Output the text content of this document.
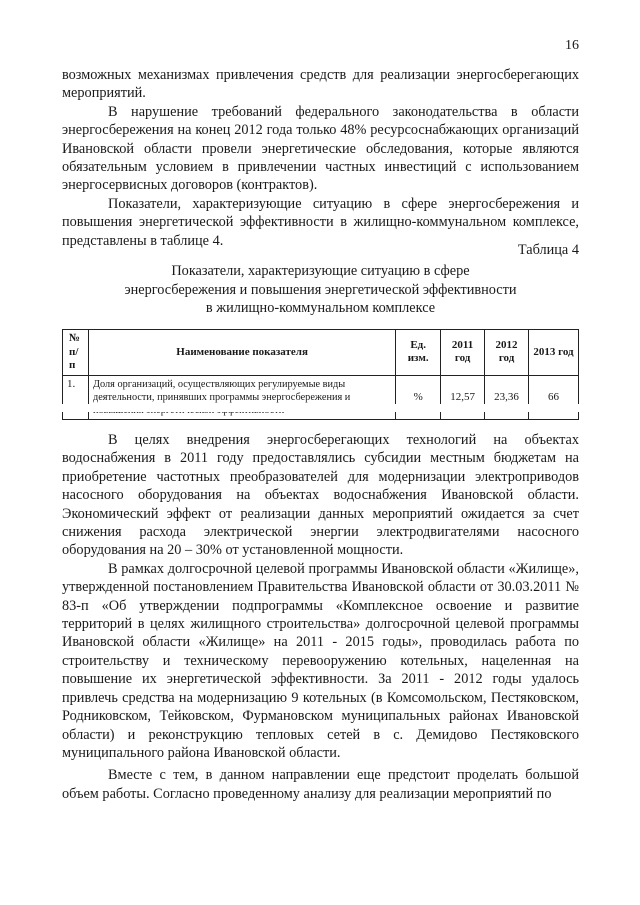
16

возможных механизмах привлечения средств для реализации энергосберегающих мероприятий.

В нарушение требований федерального законодательства в области энергосбережения на конец 2012 года только 48% ресурсоснабжающих организаций Ивановской области провели энергетические обследования, которые являются обязательным условием в привлечении частных инвестиций с использованием энергосервисных договоров (контрактов).

Показатели, характеризующие ситуацию в сфере энергосбережения и повышения энергетической эффективности в жилищно-коммунальном комплексе, представлены в таблице 4.

Таблица 4
Показатели, характеризующие ситуацию в сфере
энергосбережения и повышения энергетической эффективности
в жилищно-коммунальном комплексе
№ п/п	Наименование показателя	Ед. изм.	2011 год	2012 год	2013 год
1.	Доля организаций, осуществляющих регулируемые виды деятельности, принявших программы энергосбережения и	%	12,57	23,36	66

В целях внедрения энергосберегающих технологий на объектах водоснабжения в 2011 году предоставлялись субсидии местным бюджетам на приобретение частотных преобразователей для модернизации электроприводов насосного оборудования на объектах водоснабжения Ивановской области. Экономический эффект от реализации данных мероприятий ожидается за счет снижения расхода электрической энергии электродвигателями насосного оборудования на 20 – 30% от установленной мощности.

В рамках долгосрочной целевой программы Ивановской области «Жилище», утвержденной постановлением Правительства Ивановской области от 30.03.2011 № 83-п «Об утверждении подпрограммы «Комплексное освоение и развитие территорий в целях жилищного строительства» долгосрочной целевой программы Ивановской области «Жилище» на 2011 - 2015 годы», проводилась работа по строительству и техническому перевооружению котельных, нацеленная на повышение их энергетической эффективности. За 2011 - 2012 годы удалось привлечь средства на модернизацию 9 котельных (в Комсомольском, Пестяковском, Родниковском, Тейковском, Фурмановском муниципальных районах Ивановской области) и реконструкцию тепловых сетей в с. Демидово Пестяковского муниципального района Ивановской области.

Вместе с тем, в данном направлении еще предстоит проделать большой объем работы. Согласно проведенному анализу для реализации мероприятий по
